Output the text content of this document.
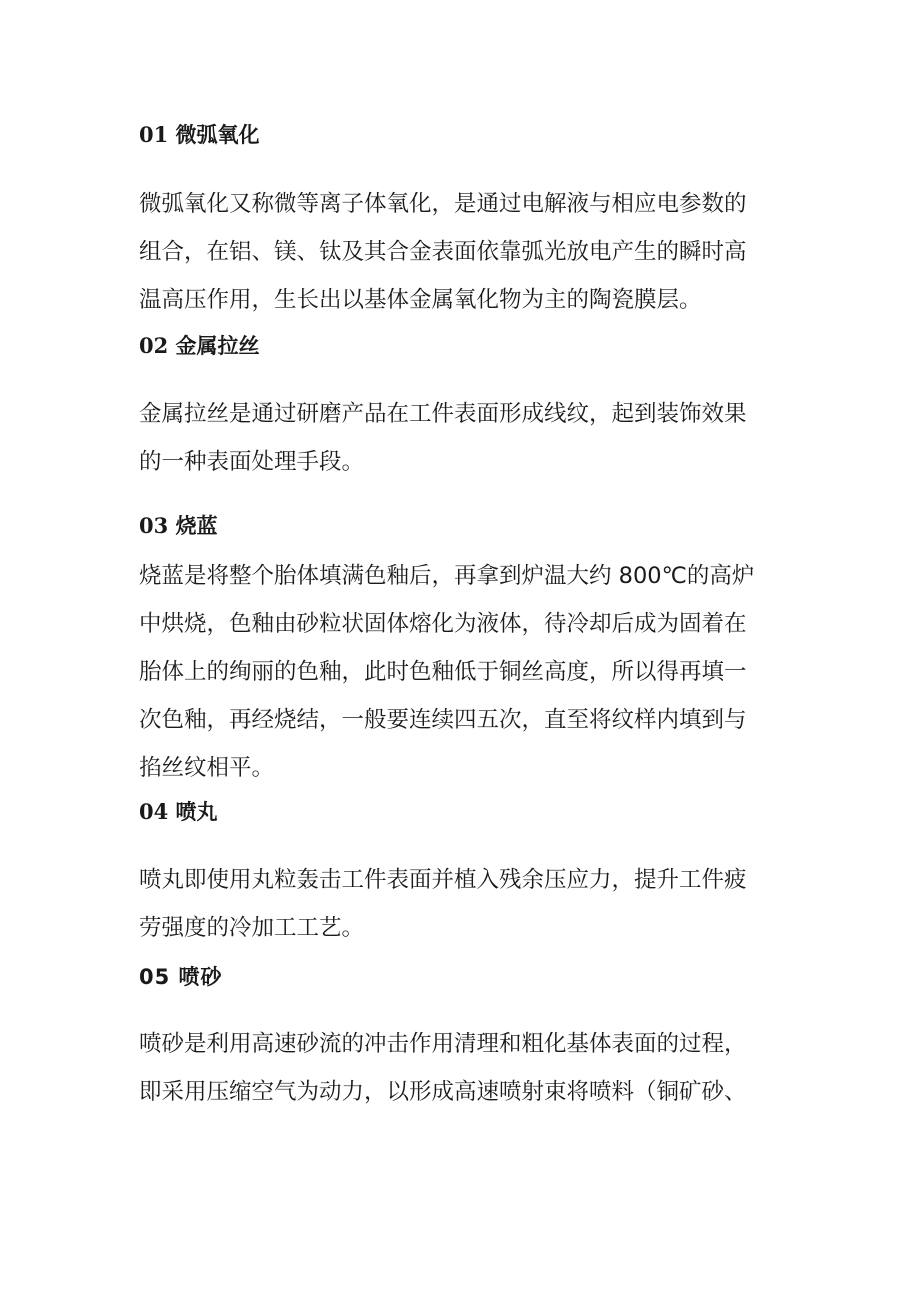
01 微弧氧化
微弧氧化又称微等离子体氧化，是通过电解液与相应电参数的
组合，在铝、镁、钛及其合金表面依靠弧光放电产生的瞬时高
温高压作用，生长出以基体金属氧化物为主的陶瓷膜层。
02 金属拉丝
金属拉丝是通过研磨产品在工件表面形成线纹，起到装饰效果
的一种表面处理手段。
03 烧蓝
烧蓝是将整个胎体填满色釉后，再拿到炉温大约 800℃的高炉
中烘烧，色釉由砂粒状固体熔化为液体，待冷却后成为固着在
胎体上的绚丽的色釉，此时色釉低于铜丝高度，所以得再填一
次色釉，再经烧结，一般要连续四五次，直至将纹样内填到与
掐丝纹相平。
04 喷丸
喷丸即使用丸粒轰击工件表面并植入残余压应力，提升工件疲
劳强度的冷加工工艺。
05 喷砂
喷砂是利用高速砂流的冲击作用清理和粗化基体表面的过程，
即采用压缩空气为动力，以形成高速喷射束将喷料（铜矿砂、
